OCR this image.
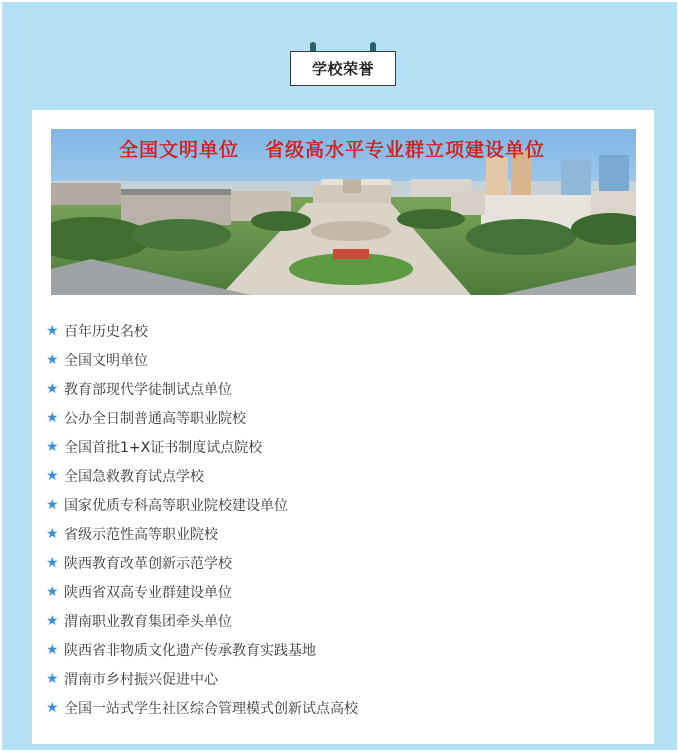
学校荣誉
全国文明单位 省级高水平专业群立项建设单位
★ 百年历史名校
★ 全国文明单位
★ 教育部现代学徒制试点单位
★ 公办全日制普通高等职业院校
★ 全国首批1+X证书制度试点院校
★ 全国急救教育试点学校
★ 国家优质专科高等职业院校建设单位
★ 省级示范性高等职业院校
★ 陕西教育改革创新示范学校
★ 陕西省双高专业群建设单位
★ 渭南职业教育集团牵头单位
★ 陕西省非物质文化遗产传承教育实践基地
★ 渭南市乡村振兴促进中心
★ 全国一站式学生社区综合管理模式创新试点高校
